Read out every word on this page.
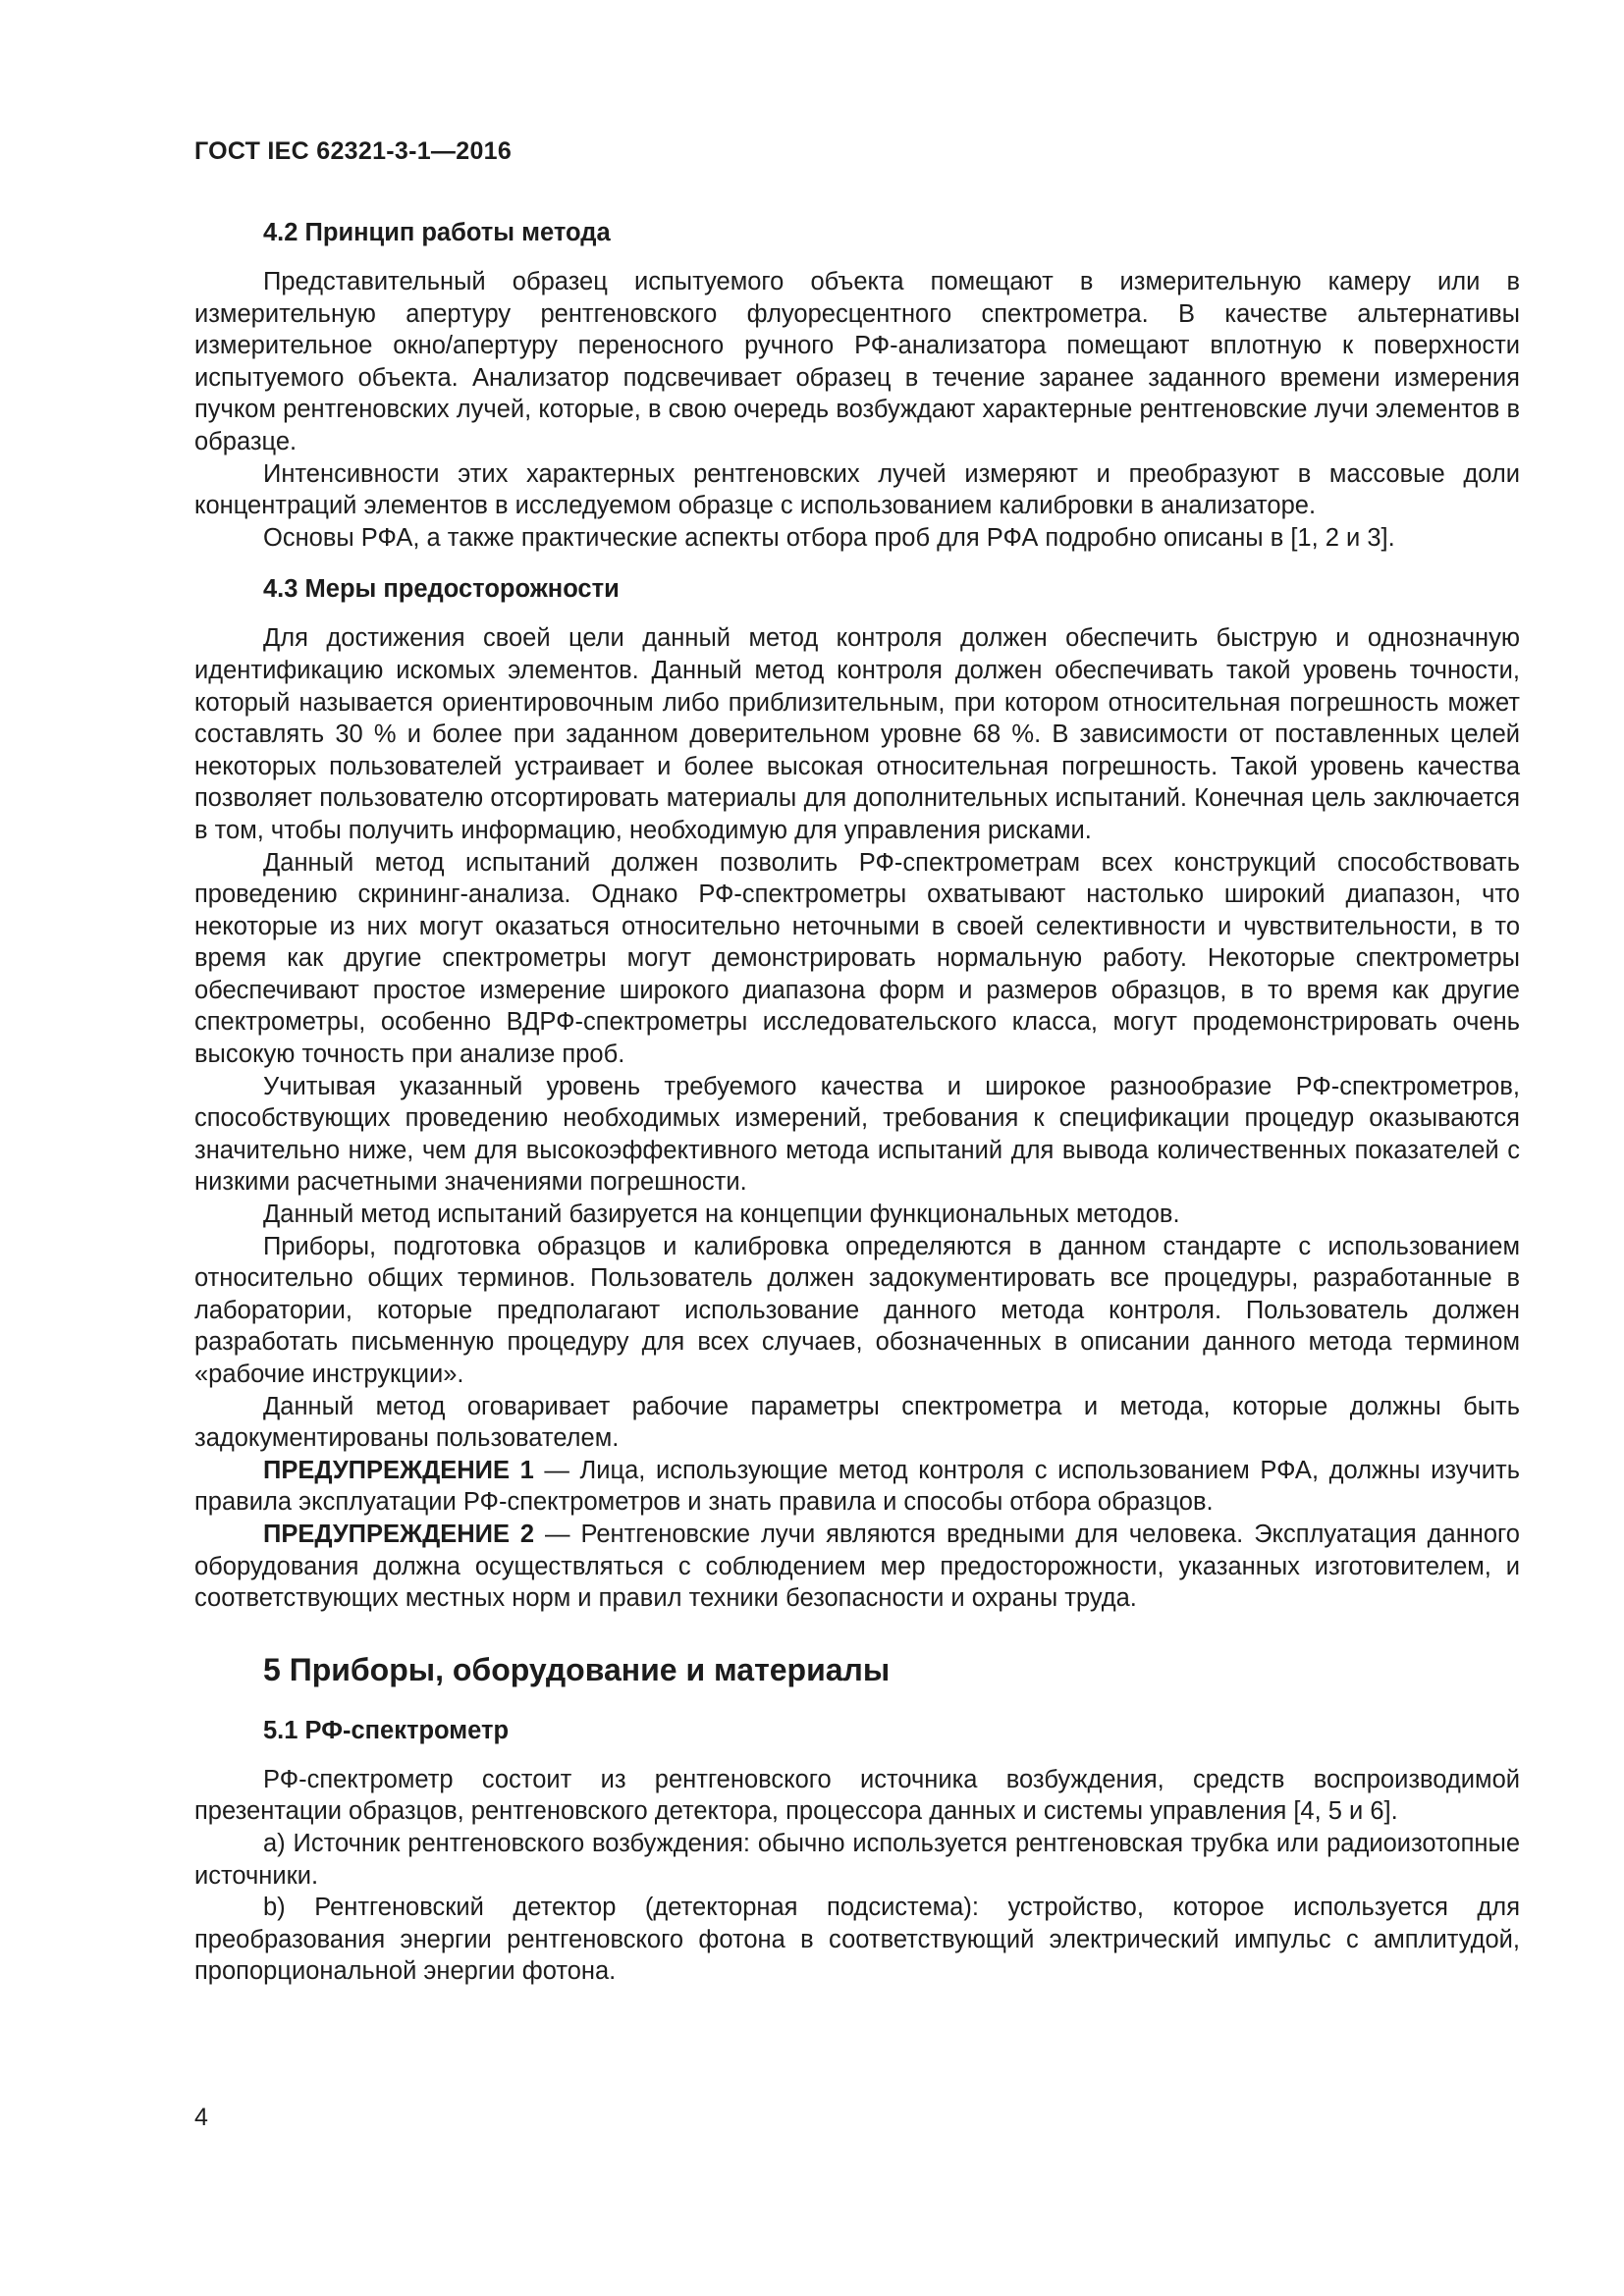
ГОСТ IEC 62321-3-1—2016
4.2 Принцип работы метода

Представительный образец испытуемого объекта помещают в измерительную камеру или в измерительную апертуру рентгеновского флуоресцентного спектрометра. В качестве альтернативы измерительное окно/апертуру переносного ручного РФ-анализатора помещают вплотную к поверхности испытуемого объекта. Анализатор подсвечивает образец в течение заранее заданного времени измерения пучком рентгеновских лучей, которые, в свою очередь возбуждают характерные рентгеновские лучи элементов в образце.

Интенсивности этих характерных рентгеновских лучей измеряют и преобразуют в массовые доли концентраций элементов в исследуемом образце с использованием калибровки в анализаторе.

Основы РФА, а также практические аспекты отбора проб для РФА подробно описаны в [1, 2 и 3].

4.3 Меры предосторожности

Для достижения своей цели данный метод контроля должен обеспечить быструю и однозначную идентификацию искомых элементов. Данный метод контроля должен обеспечивать такой уровень точности, который называется ориентировочным либо приблизительным, при котором относительная погрешность может составлять 30 % и более при заданном доверительном уровне 68 %. В зависимости от поставленных целей некоторых пользователей устраивает и более высокая относительная погрешность. Такой уровень качества позволяет пользователю отсортировать материалы для дополнительных испытаний. Конечная цель заключается в том, чтобы получить информацию, необходимую для управления рисками.

Данный метод испытаний должен позволить РФ-спектрометрам всех конструкций способствовать проведению скрининг-анализа. Однако РФ-спектрометры охватывают настолько широкий диапазон, что некоторые из них могут оказаться относительно неточными в своей селективности и чувствительности, в то время как другие спектрометры могут демонстрировать нормальную работу. Некоторые спектрометры обеспечивают простое измерение широкого диапазона форм и размеров образцов, в то время как другие спектрометры, особенно ВДРФ-спектрометры исследовательского класса, могут продемонстрировать очень высокую точность при анализе проб.

Учитывая указанный уровень требуемого качества и широкое разнообразие РФ-спектрометров, способствующих проведению необходимых измерений, требования к спецификации процедур оказываются значительно ниже, чем для высокоэффективного метода испытаний для вывода количественных показателей с низкими расчетными значениями погрешности.

Данный метод испытаний базируется на концепции функциональных методов.

Приборы, подготовка образцов и калибровка определяются в данном стандарте с использованием относительно общих терминов. Пользователь должен задокументировать все процедуры, разработанные в лаборатории, которые предполагают использование данного метода контроля. Пользователь должен разработать письменную процедуру для всех случаев, обозначенных в описании данного метода термином «рабочие инструкции».

Данный метод оговаривает рабочие параметры спектрометра и метода, которые должны быть задокументированы пользователем.

ПРЕДУПРЕЖДЕНИЕ 1 — Лица, использующие метод контроля с использованием РФА, должны изучить правила эксплуатации РФ-спектрометров и знать правила и способы отбора образцов.

ПРЕДУПРЕЖДЕНИЕ 2 — Рентгеновские лучи являются вредными для человека. Эксплуатация данного оборудования должна осуществляться с соблюдением мер предосторожности, указанных изготовителем, и соответствующих местных норм и правил техники безопасности и охраны труда.

5 Приборы, оборудование и материалы
5.1 РФ-спектрометр

РФ-спектрометр состоит из рентгеновского источника возбуждения, средств воспроизводимой презентации образцов, рентгеновского детектора, процессора данных и системы управления [4, 5 и 6].

a) Источник рентгеновского возбуждения: обычно используется рентгеновская трубка или радиоизотопные источники.

b) Рентгеновский детектор (детекторная подсистема): устройство, которое используется для преобразования энергии рентгеновского фотона в соответствующий электрический импульс с амплитудой, пропорциональной энергии фотона.

4
